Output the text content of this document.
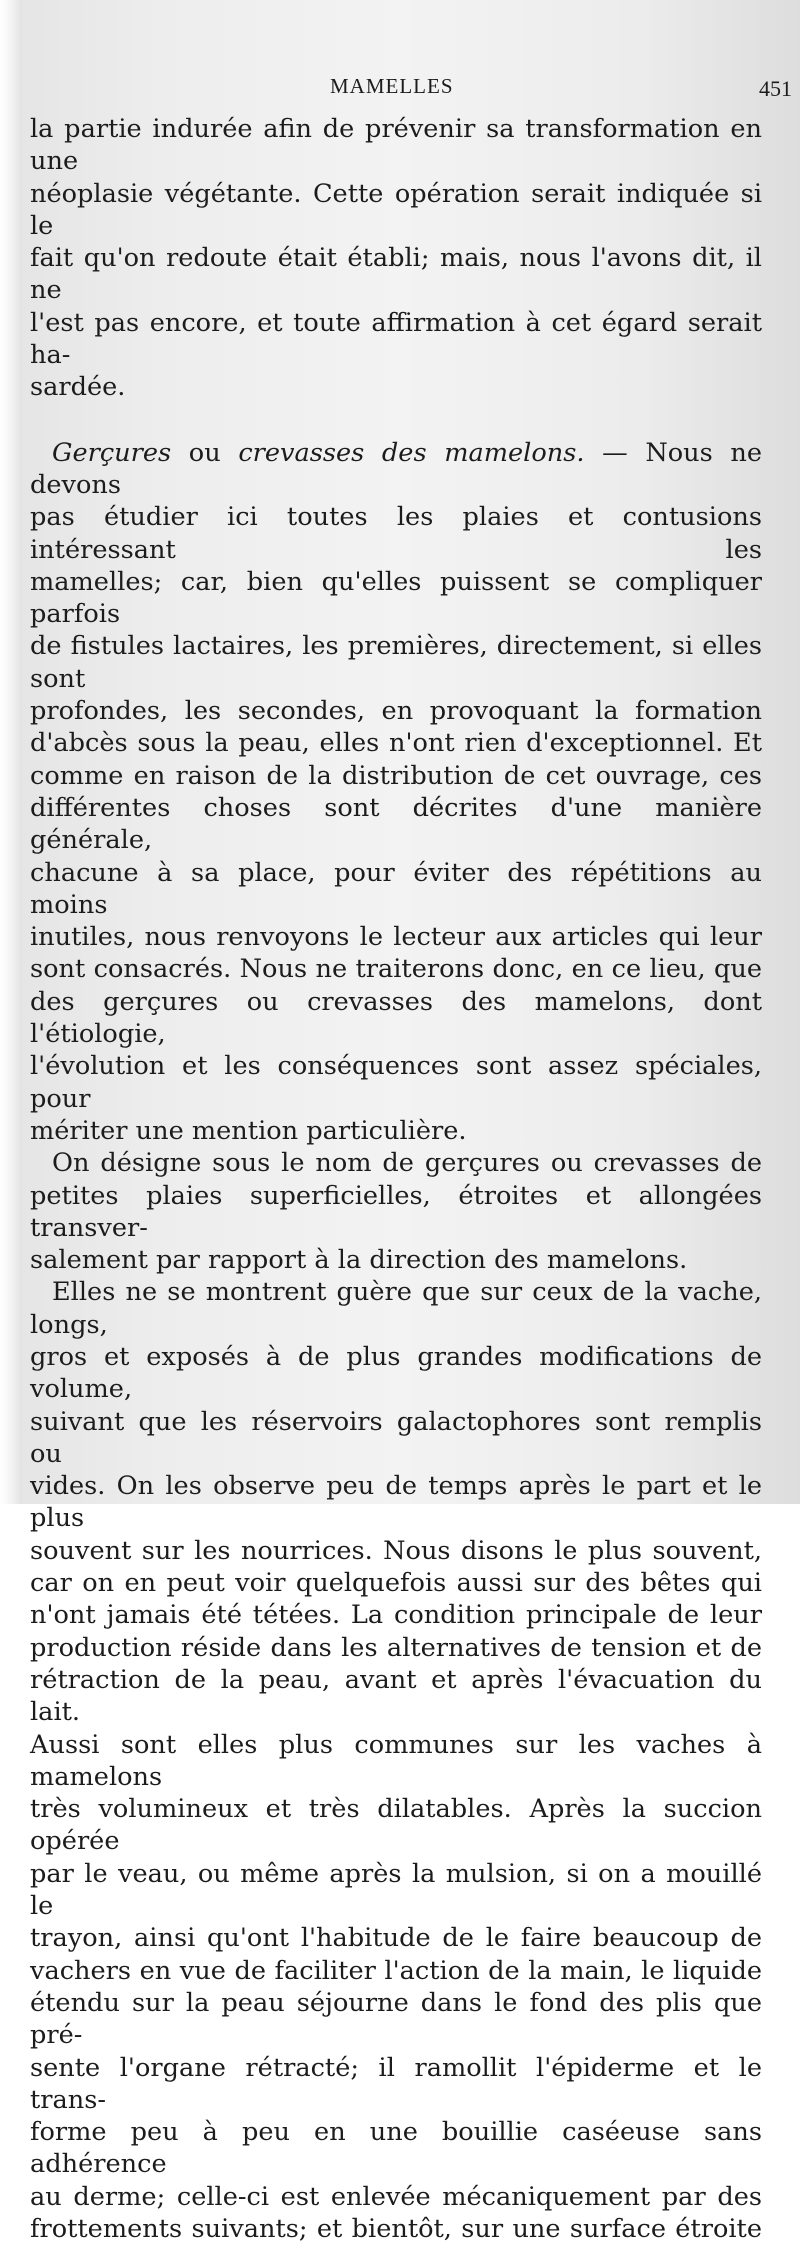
MAMELLES	451

la partie indurée afin de prévenir sa transformation en une

néoplasie végétante. Cette opération serait indiquée si le

fait qu'on redoute était établi; mais, nous l'avons dit, il ne

l'est pas encore, et toute affirmation à cet égard serait ha-

sardée.

Gerçures ou crevasses des mamelons. — Nous ne devons

pas étudier ici toutes les plaies et contusions intéressant les

mamelles; car, bien qu'elles puissent se compliquer parfois

de fistules lactaires, les premières, directement, si elles sont

profondes, les secondes, en provoquant la formation

d'abcès sous la peau, elles n'ont rien d'exceptionnel. Et

comme en raison de la distribution de cet ouvrage, ces

différentes choses sont décrites d'une manière générale,

chacune à sa place, pour éviter des répétitions au moins

inutiles, nous renvoyons le lecteur aux articles qui leur

sont consacrés. Nous ne traiterons donc, en ce lieu, que

des gerçures ou crevasses des mamelons, dont l'étiologie,

l'évolution et les conséquences sont assez spéciales, pour

mériter une mention particulière.

On désigne sous le nom de gerçures ou crevasses de

petites plaies superficielles, étroites et allongées transver-

salement par rapport à la direction des mamelons.

Elles ne se montrent guère que sur ceux de la vache, longs,

gros et exposés à de plus grandes modifications de volume,

suivant que les réservoirs galactophores sont remplis ou

vides. On les observe peu de temps après le part et le plus

souvent sur les nourrices. Nous disons le plus souvent,

car on en peut voir quelquefois aussi sur des bêtes qui

n'ont jamais été tétées. La condition principale de leur

production réside dans les alternatives de tension et de

rétraction de la peau, avant et après l'évacuation du lait.

Aussi sont elles plus communes sur les vaches à mamelons

très volumineux et très dilatables. Après la succion opérée

par le veau, ou même après la mulsion, si on a mouillé le

trayon, ainsi qu'ont l'habitude de le faire beaucoup de

vachers en vue de faciliter l'action de la main, le liquide

étendu sur la peau séjourne dans le fond des plis que pré-

sente l'organe rétracté; il ramollit l'épiderme et le trans-

forme peu à peu en une bouillie caséeuse sans adhérence

au derme; celle-ci est enlevée mécaniquement par des

frottements suivants; et bientôt, sur une surface étroite
